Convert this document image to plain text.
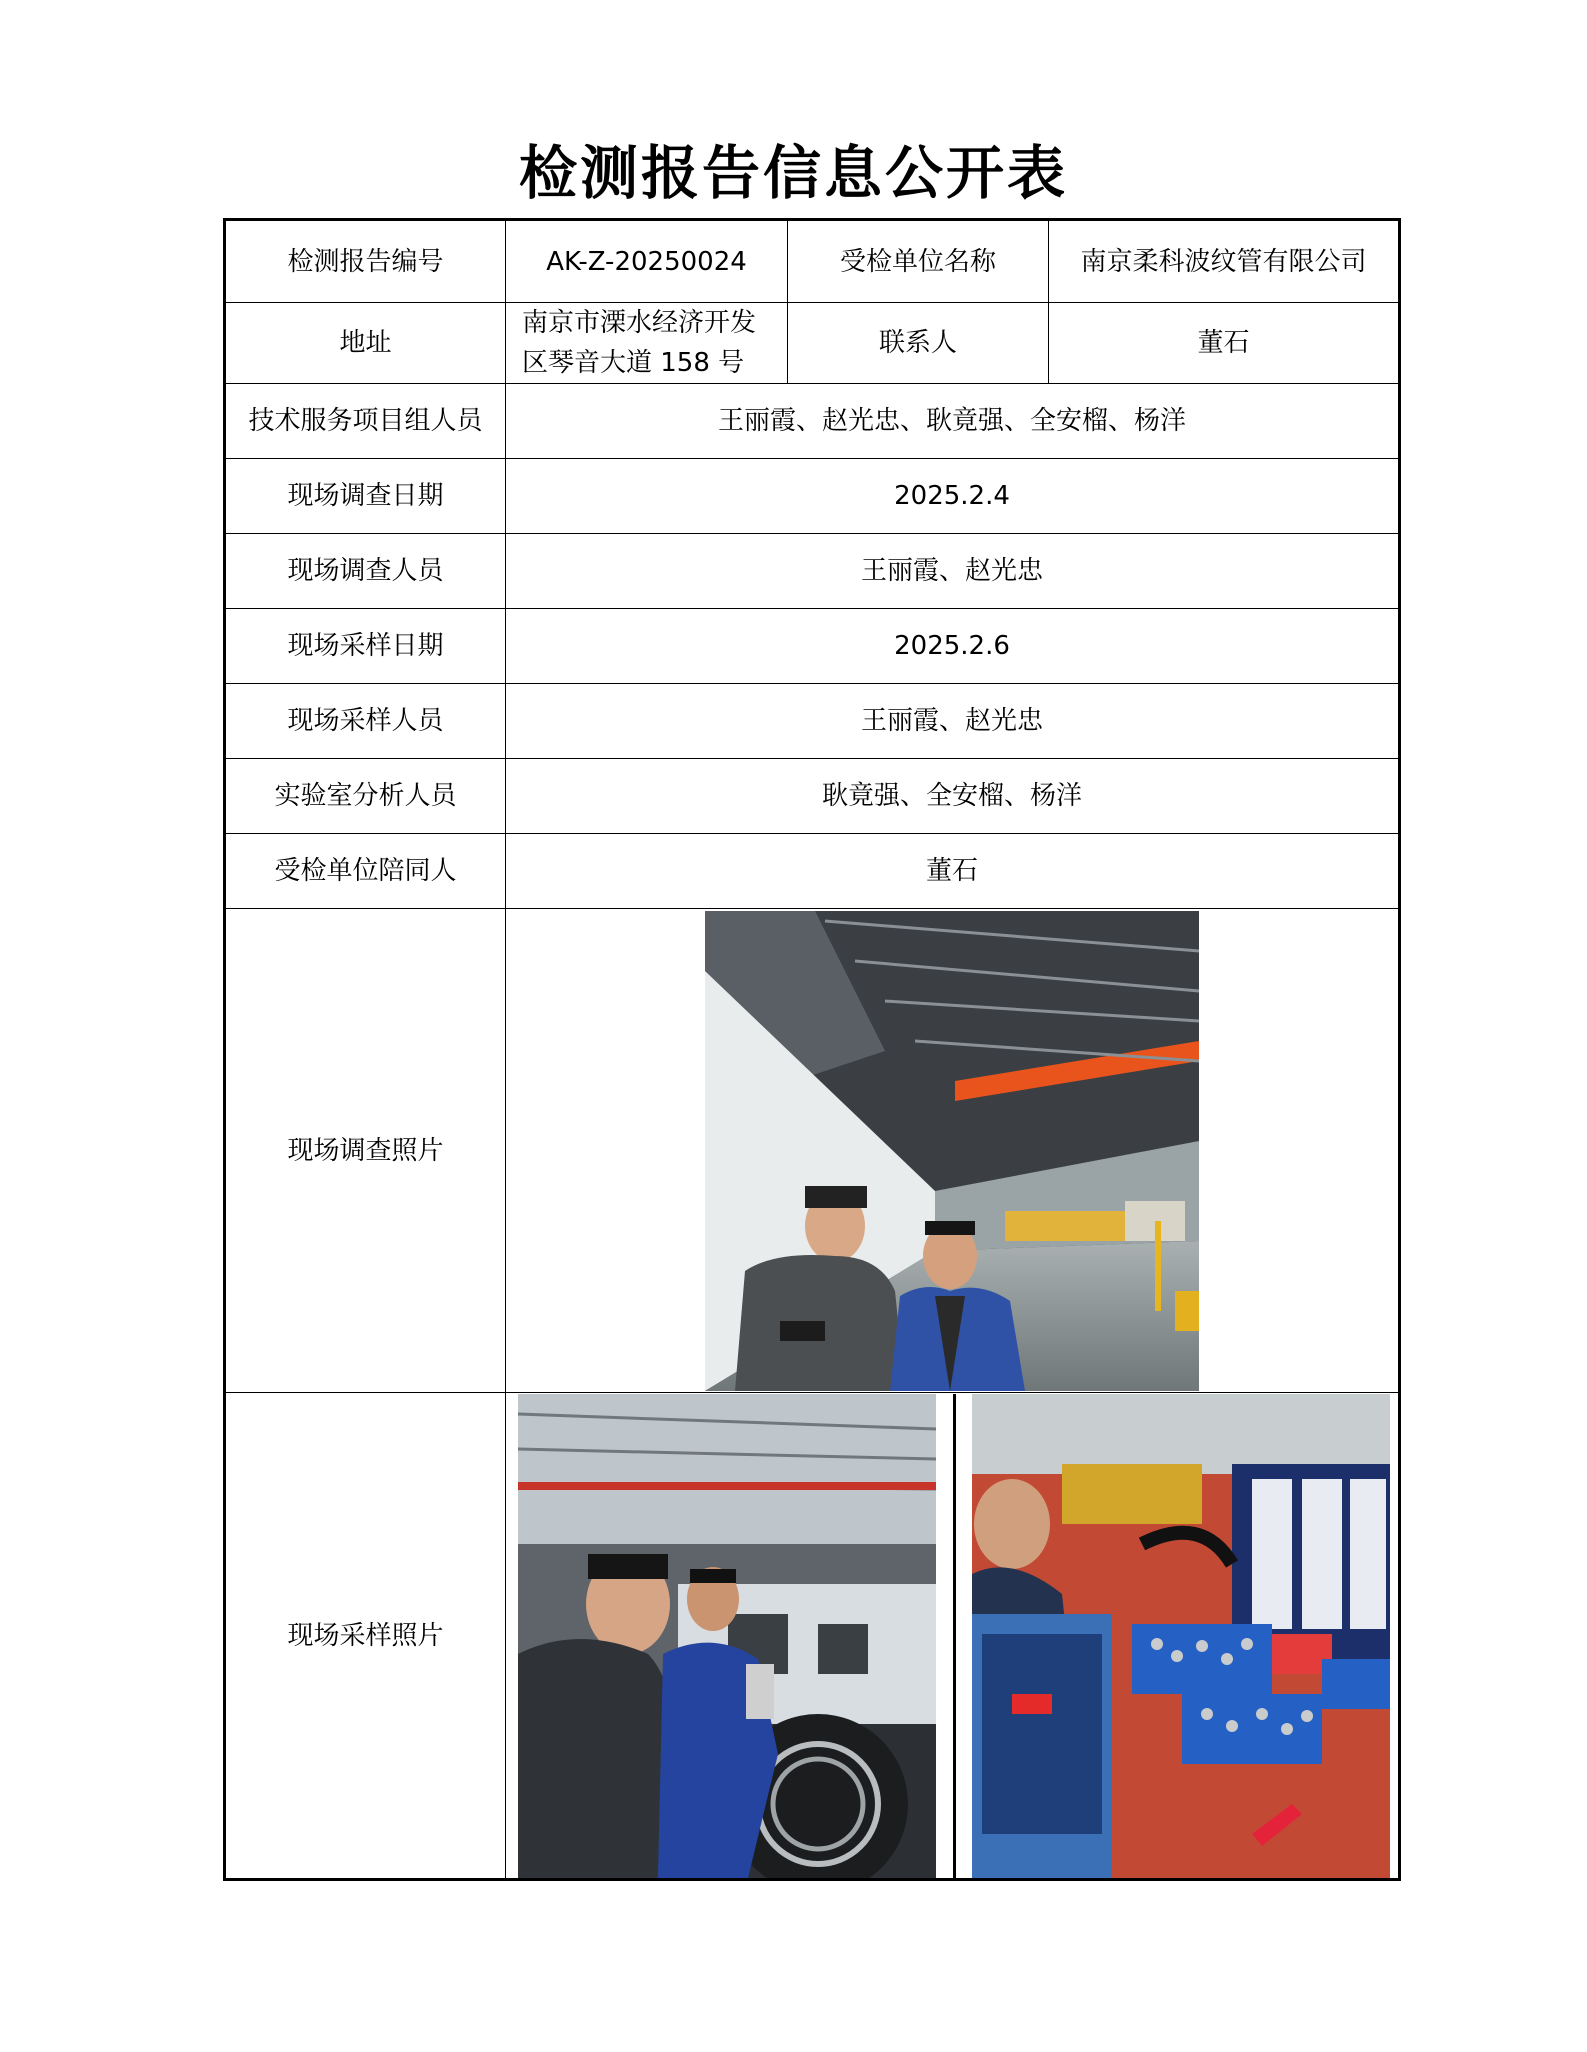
检测报告信息公开表
检测报告编号	AK-Z-20250024	受检单位名称	南京柔科波纹管有限公司
地址	南京市溧水经济开发区琴音大道 158 号	联系人	董石
技术服务项目组人员	王丽霞、赵光忠、耿竟强、全安榴、杨洋		
现场调查日期	2025.2.4		
现场调查人员	王丽霞、赵光忠		
现场采样日期	2025.2.6		
现场采样人员	王丽霞、赵光忠		
实验室分析人员	耿竟强、全安榴、杨洋		
受检单位陪同人	董石		
现场调查照片	

现场采样照片	
